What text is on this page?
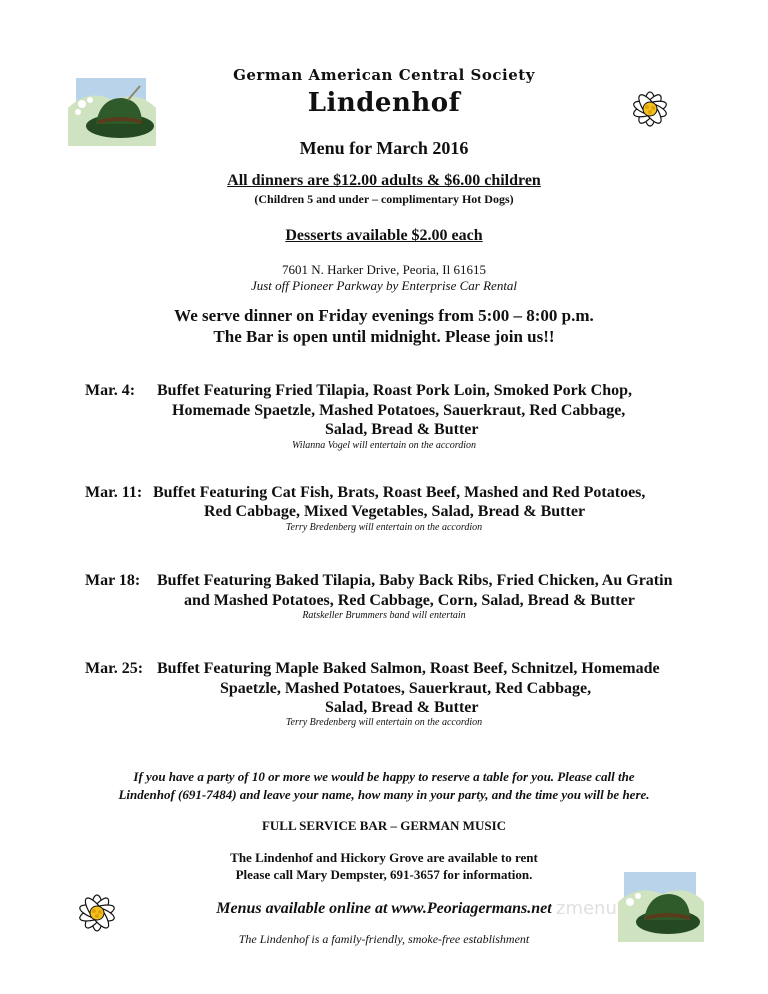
German American Central Society
Lindenhof
Menu for March 2016
All dinners are $12.00 adults & $6.00 children
(Children 5 and under – complimentary Hot Dogs)
Desserts available $2.00 each
7601 N. Harker Drive, Peoria, Il 61615
Just off Pioneer Parkway by Enterprise Car Rental
We serve dinner on Friday evenings from 5:00 – 8:00 p.m.
The Bar is open until midnight. Please join us!!
Mar. 4: Buffet Featuring Fried Tilapia, Roast Pork Loin, Smoked Pork Chop,
Homemade Spaetzle, Mashed Potatoes, Sauerkraut, Red Cabbage,
Salad, Bread & Butter
Wilanna Vogel will entertain on the accordion
Mar. 11: Buffet Featuring Cat Fish, Brats, Roast Beef, Mashed and Red Potatoes,
Red Cabbage, Mixed Vegetables, Salad, Bread & Butter
Terry Bredenberg will entertain on the accordion
Mar 18: Buffet Featuring Baked Tilapia, Baby Back Ribs, Fried Chicken, Au Gratin
and Mashed Potatoes, Red Cabbage, Corn, Salad, Bread & Butter
Ratskeller Brummers band will entertain
Mar. 25: Buffet Featuring Maple Baked Salmon, Roast Beef, Schnitzel, Homemade
Spaetzle, Mashed Potatoes, Sauerkraut, Red Cabbage,
Salad, Bread & Butter
Terry Bredenberg will entertain on the accordion
If you have a party of 10 or more we would be happy to reserve a table for you. Please call the
Lindenhof (691-7484) and leave your name, how many in your party, and the time you will be here.
FULL SERVICE BAR – GERMAN MUSIC
The Lindenhof and Hickory Grove are available to rent
Please call Mary Dempster, 691-3657 for information.
Menus available online at www.Peoriagermans.net
The Lindenhof is a family-friendly, smoke-free establishment
zmenu
